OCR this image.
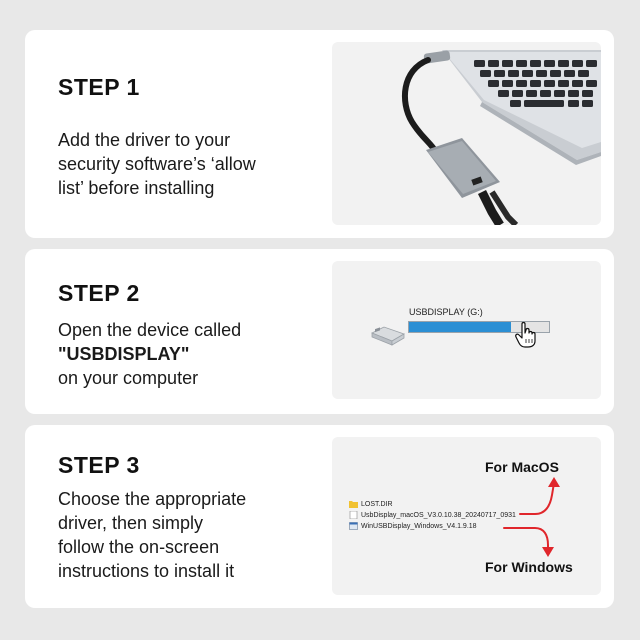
STEP 1
Add the driver to your
security software’s ‘allow
list’ before installing
STEP 2
Open the device called
"USBDISPLAY"
on your computer
USBDISPLAY (G:)
STEP 3
Choose the appropriate
driver, then simply
follow the on-screen
instructions to install it
For MacOS
LOST.DIR
UsbDisplay_macOS_V3.0.10.38_20240717_0931
WinUSBDisplay_Windows_V4.1.9.18
For Windows
